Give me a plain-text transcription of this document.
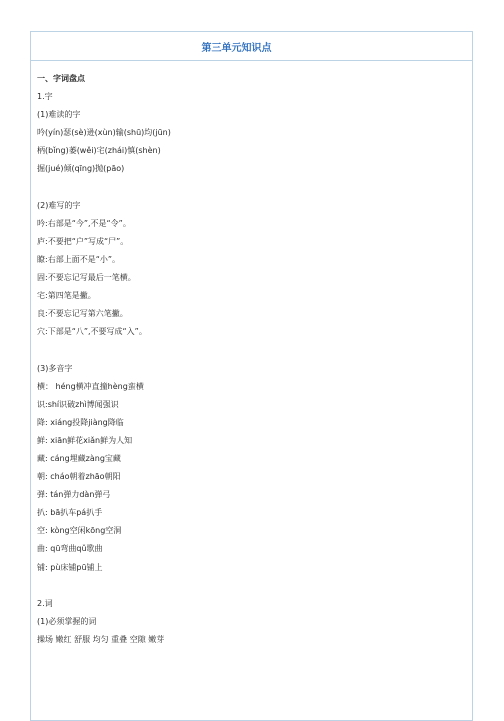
第三单元知识点
一、字词盘点
1.字
(1)难读的字
吟(yín)瑟(sè)逊(xùn)输(shū)均(jūn)
柄(bǐng)萎(wěi)宅(zhái)慎(shèn)
掘(jué)倾(qīng)抛(pāo)
(2)难写的字
吟:右部是“今”,不是“令”。
庐:不要把“户”写成“尸”。
瞭:右部上面不是“小”。
固:不要忘记写最后一笔横。
宅:第四笔是撇。
良:不要忘记写第六笔撇。
穴:下部是“八”,不要写成“入”。
(3)多音字
横： héng横冲直撞hèng蛮横
识:shí识破zhì博闻强识
降: xiáng投降jiàng降临
鲜: xiān鲜花xiǎn鲜为人知
藏: cáng埋藏zàng宝藏
朝: cháo朝着zhāo朝阳
弹: tán弹力dàn弹弓
扒: bā扒车pá扒手
空: kòng空闲kōng空洞
曲: qū弯曲qǔ歌曲
铺: pù床铺pū铺上
2.词
(1)必须掌握的词
操场 嫩红 舒服 均匀 重叠 空隙 嫩芽
